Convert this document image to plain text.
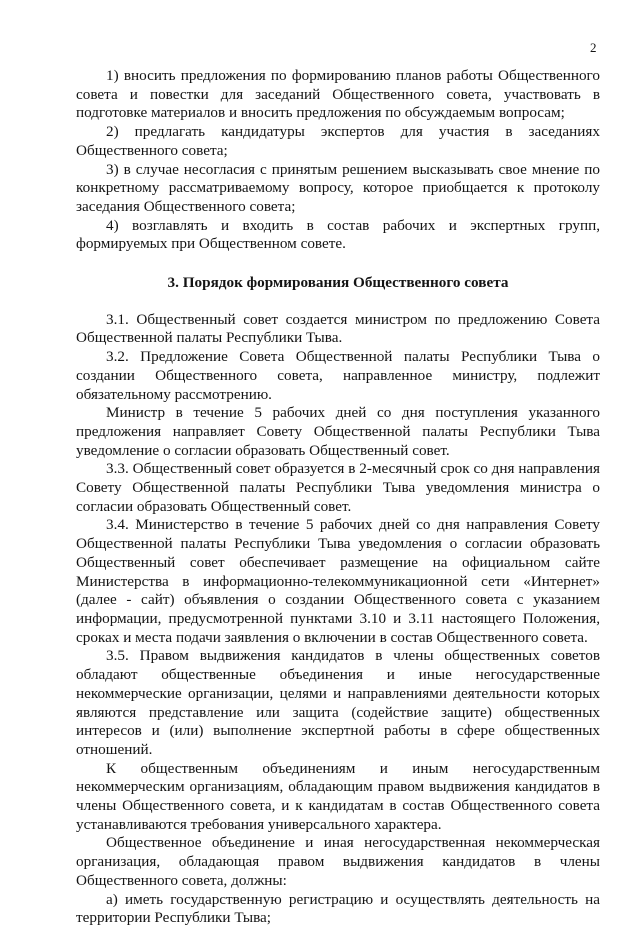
2

1) вносить предложения по формированию планов работы Общественного совета и повестки для заседаний Общественного совета, участвовать в подготовке материалов и вносить предложения по обсуждаемым вопросам;

2) предлагать кандидатуры экспертов для участия в заседаниях Общественного совета;

3) в случае несогласия с принятым решением высказывать свое мнение по конкретному рассматриваемому вопросу, которое приобщается к протоколу заседания Общественного совета;

4) возглавлять и входить в состав рабочих и экспертных групп, формируемых при Общественном совете.

3. Порядок формирования Общественного совета

3.1. Общественный совет создается министром по предложению Совета Общественной палаты Республики Тыва.

3.2. Предложение Совета Общественной палаты Республики Тыва о создании Общественного совета, направленное министру, подлежит обязательному рассмотрению.

Министр в течение 5 рабочих дней со дня поступления указанного предложения направляет Совету Общественной палаты Республики Тыва уведомление о согласии образовать Общественный совет.

3.3. Общественный совет образуется в 2-месячный срок со дня направления Совету Общественной палаты Республики Тыва уведомления министра о согласии образовать Общественный совет.

3.4. Министерство в течение 5 рабочих дней со дня направления Совету Общественной палаты Республики Тыва уведомления о согласии образовать Общественный совет обеспечивает размещение на официальном сайте Министерства в информационно-телекоммуникационной сети «Интернет» (далее - сайт) объявления о создании Общественного совета с указанием информации, предусмотренной пунктами 3.10 и 3.11 настоящего Положения, сроках и места подачи заявления о включении в состав Общественного совета.

3.5. Правом выдвижения кандидатов в члены общественных советов обладают общественные объединения и иные негосударственные некоммерческие организации, целями и направлениями деятельности которых являются представление или защита (содействие защите) общественных интересов и (или) выполнение экспертной работы в сфере общественных отношений.

К общественным объединениям и иным негосударственным некоммерческим организациям, обладающим правом выдвижения кандидатов в члены Общественного совета, и к кандидатам в состав Общественного совета устанавливаются требования универсального характера.

Общественное объединение и иная негосударственная некоммерческая организация, обладающая правом выдвижения кандидатов в члены Общественного совета, должны:

а) иметь государственную регистрацию и осуществлять деятельность на территории Республики Тыва;
